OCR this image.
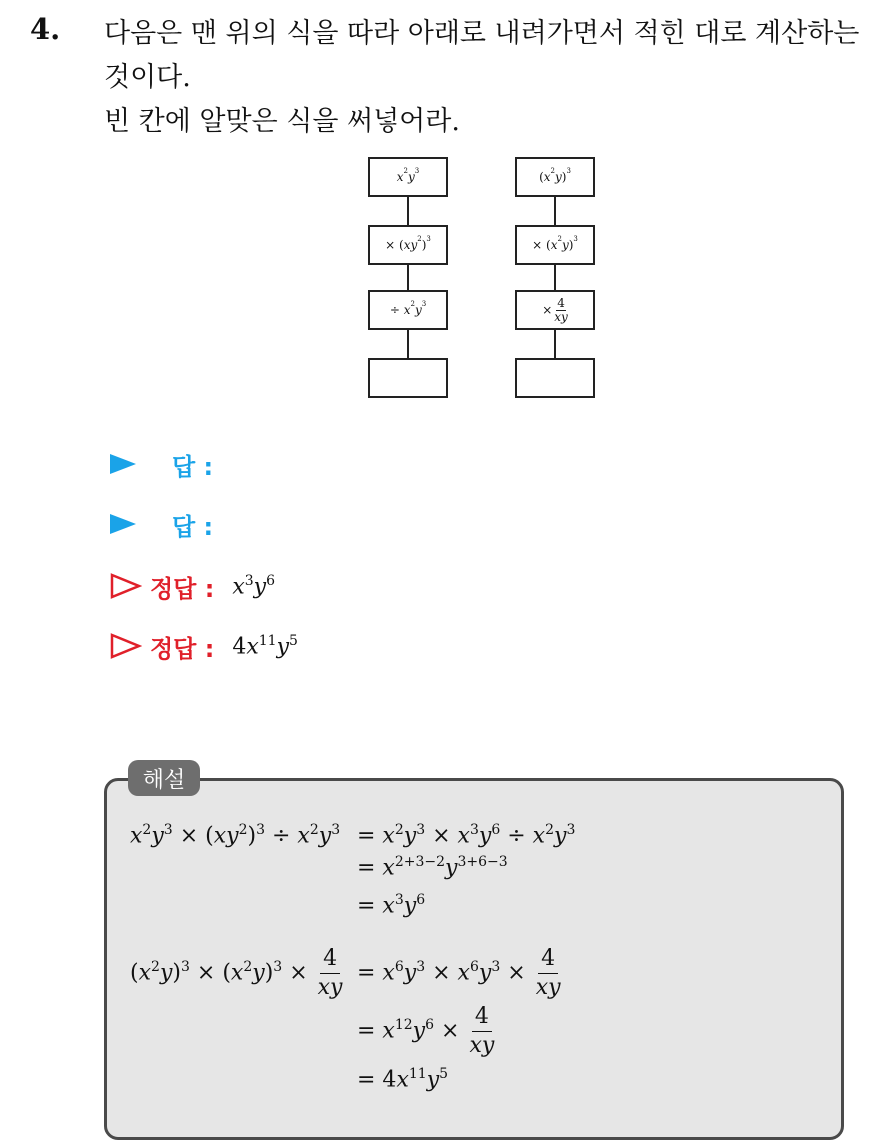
4. 다음은 맨 위의 식을 따라 아래로 내려가면서 적힌 대로 계산하는
것이다.
빈 칸에 알맞은 식을 써넣어라.
x 2 y 3
× ( xy 2 ) 3
÷ x 2 y 3
( x 2 y ) 3
× ( x 2 y ) 3
× $\frac{4}{xy}$
답 :
답 :
정답 : $x^3y^6$
정답 : $4x^{11}y^5$
해설
$x^2y^3 \times (xy^2)^3 \div x^2y^3 = x^2y^3 \times x^3y^6 \div x^2y^3$
= $x^{2+3-2}y^{3+6-3}$
= $x^3y^6$
$(x^2y)^3 \times (x^2y)^3 \times \frac{4}{xy} = x^6y^3 \times x^6y^3 \times \frac{4}{xy}$
= $x^{12}y^6 \times \frac{4}{xy}$
= $4x^{11}y^5$
